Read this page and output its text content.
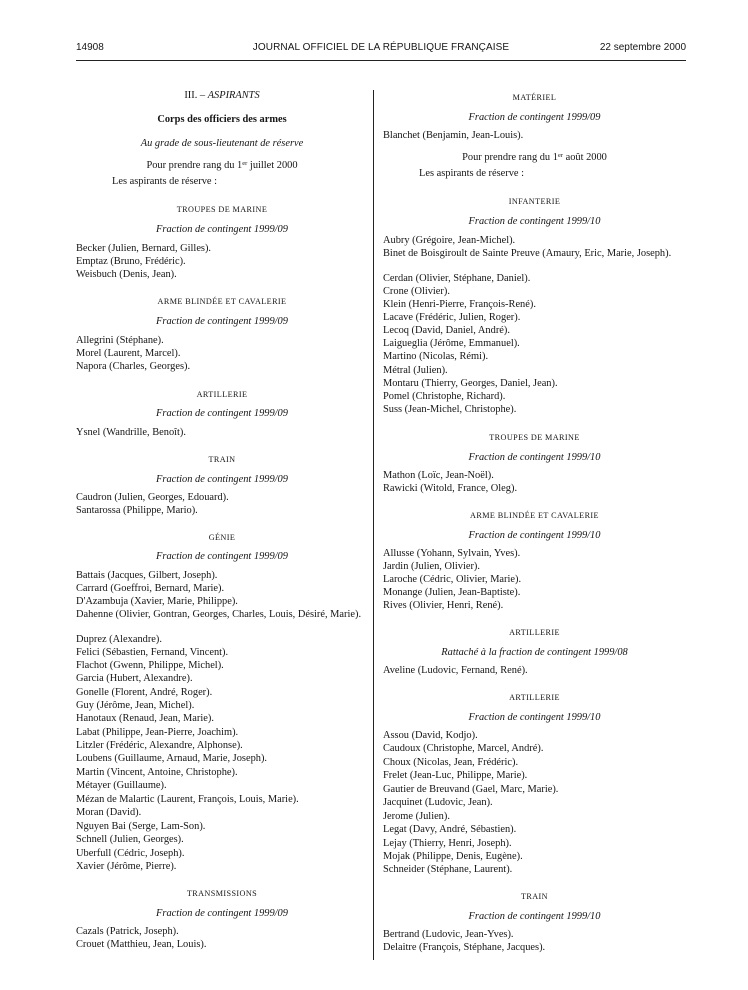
14908	JOURNAL OFFICIEL DE LA RÉPUBLIQUE FRANÇAISE	22 septembre 2000
III. – ASPIRANTS
Corps des officiers des armes
Au grade de sous-lieutenant de réserve
Pour prendre rang du 1er juillet 2000
Les aspirants de réserve :
TROUPES DE MARINE
Fraction de contingent 1999/09
Becker (Julien, Bernard, Gilles).
Emptaz (Bruno, Frédéric).
Weisbuch (Denis, Jean).
ARME BLINDÉE ET CAVALERIE
Fraction de contingent 1999/09
Allegrini (Stéphane).
Morel (Laurent, Marcel).
Napora (Charles, Georges).
ARTILLERIE
Fraction de contingent 1999/09
Ysnel (Wandrille, Benoît).
TRAIN
Fraction de contingent 1999/09
Caudron (Julien, Georges, Edouard).
Santarossa (Philippe, Mario).
GÉNIE
Fraction de contingent 1999/09
Battais (Jacques, Gilbert, Joseph).
Carrard (Goeffroi, Bernard, Marie).
D'Azambuja (Xavier, Marie, Philippe).
Dahenne (Olivier, Gontran, Georges, Charles, Louis, Désiré, Marie).
Duprez (Alexandre).
Felici (Sébastien, Fernand, Vincent).
Flachot (Gwenn, Philippe, Michel).
Garcia (Hubert, Alexandre).
Gonelle (Florent, André, Roger).
Guy (Jérôme, Jean, Michel).
Hanotaux (Renaud, Jean, Marie).
Labat (Philippe, Jean-Pierre, Joachim).
Litzler (Frédéric, Alexandre, Alphonse).
Loubens (Guillaume, Arnaud, Marie, Joseph).
Martin (Vincent, Antoine, Christophe).
Métayer (Guillaume).
Mézan de Malartic (Laurent, François, Louis, Marie).
Moran (David).
Nguyen Bai (Serge, Lam-Son).
Schnell (Julien, Georges).
Uberfull (Cédric, Joseph).
Xavier (Jérôme, Pierre).
TRANSMISSIONS
Fraction de contingent 1999/09
Cazals (Patrick, Joseph).
Crouet (Matthieu, Jean, Louis).
MATÉRIEL
Fraction de contingent 1999/09
Blanchet (Benjamin, Jean-Louis).
Pour prendre rang du 1er août 2000
Les aspirants de réserve :
INFANTERIE
Fraction de contingent 1999/10
Aubry (Grégoire, Jean-Michel).
Binet de Boisgiroult de Sainte Preuve (Amaury, Eric, Marie, Joseph).
Cerdan (Olivier, Stéphane, Daniel).
Crone (Olivier).
Klein (Henri-Pierre, François-René).
Lacave (Frédéric, Julien, Roger).
Lecoq (David, Daniel, André).
Laigueglia (Jérôme, Emmanuel).
Martino (Nicolas, Rémi).
Métral (Julien).
Montaru (Thierry, Georges, Daniel, Jean).
Pomel (Christophe, Richard).
Suss (Jean-Michel, Christophe).
TROUPES DE MARINE
Fraction de contingent 1999/10
Mathon (Loïc, Jean-Noël).
Rawicki (Witold, France, Oleg).
ARME BLINDÉE ET CAVALERIE
Fraction de contingent 1999/10
Allusse (Yohann, Sylvain, Yves).
Jardin (Julien, Olivier).
Laroche (Cédric, Olivier, Marie).
Monange (Julien, Jean-Baptiste).
Rives (Olivier, Henri, René).
ARTILLERIE
Rattaché à la fraction de contingent 1999/08
Aveline (Ludovic, Fernand, René).
ARTILLERIE
Fraction de contingent 1999/10
Assou (David, Kodjo).
Caudoux (Christophe, Marcel, André).
Choux (Nicolas, Jean, Frédéric).
Frelet (Jean-Luc, Philippe, Marie).
Gautier de Breuvand (Gael, Marc, Marie).
Jacquinet (Ludovic, Jean).
Jerome (Julien).
Legat (Davy, André, Sébastien).
Lejay (Thierry, Henri, Joseph).
Mojak (Philippe, Denis, Eugène).
Schneider (Stéphane, Laurent).
TRAIN
Fraction de contingent 1999/10
Bertrand (Ludovic, Jean-Yves).
Delaitre (François, Stéphane, Jacques).
